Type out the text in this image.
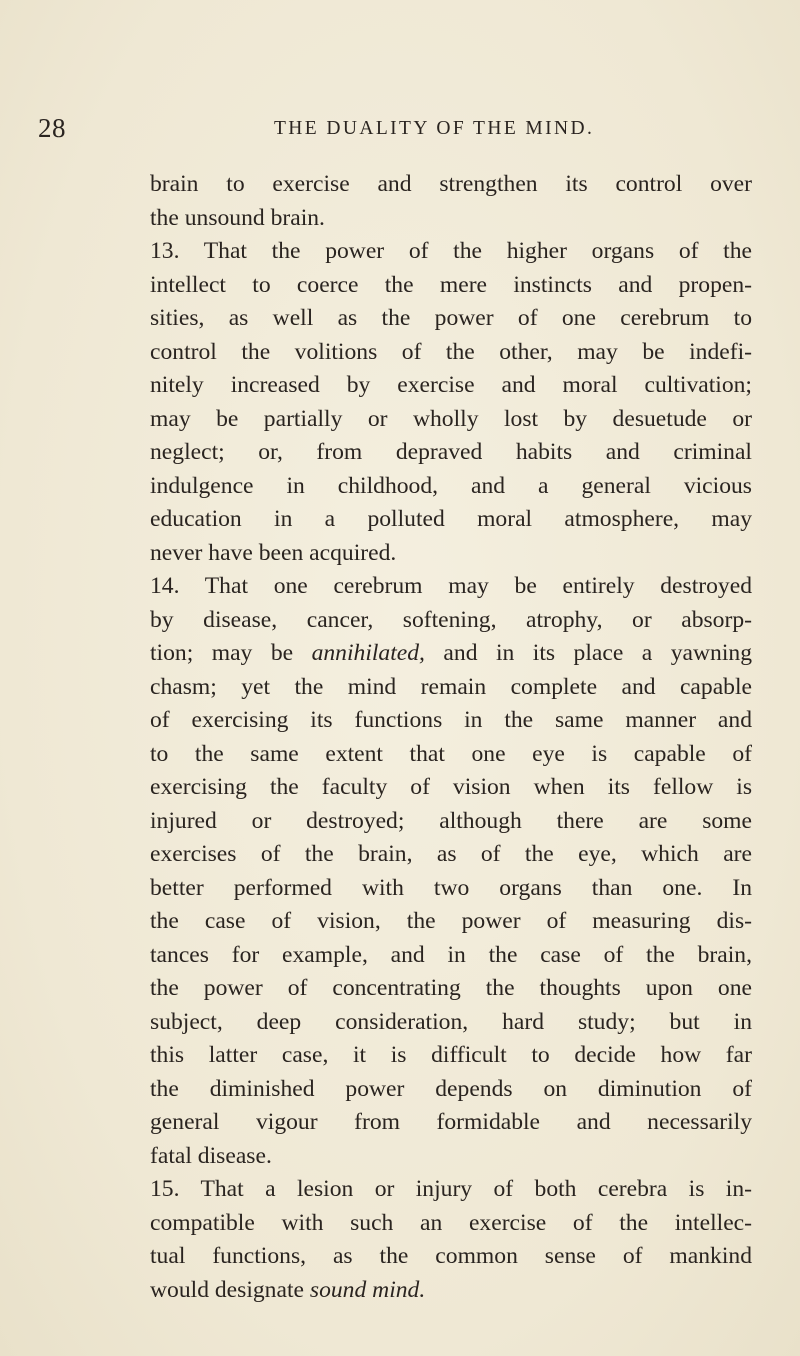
28	THE DUALITY OF THE MIND.
brain to exercise and strengthen its control over
the unsound brain.
13. That the power of the higher organs of the
intellect to coerce the mere instincts and propen-
sities, as well as the power of one cerebrum to
control the volitions of the other, may be indefi-
nitely increased by exercise and moral cultivation;
may be partially or wholly lost by desuetude or
neglect; or, from depraved habits and criminal
indulgence in childhood, and a general vicious
education in a polluted moral atmosphere, may
never have been acquired.
14. That one cerebrum may be entirely destroyed
by disease, cancer, softening, atrophy, or absorp-
tion; may be annihilated, and in its place a yawning
chasm; yet the mind remain complete and capable
of exercising its functions in the same manner and
to the same extent that one eye is capable of
exercising the faculty of vision when its fellow is
injured or destroyed; although there are some
exercises of the brain, as of the eye, which are
better performed with two organs than one. In
the case of vision, the power of measuring dis-
tances for example, and in the case of the brain,
the power of concentrating the thoughts upon one
subject, deep consideration, hard study; but in
this latter case, it is difficult to decide how far
the diminished power depends on diminution of
general vigour from formidable and necessarily
fatal disease.
15. That a lesion or injury of both cerebra is in-
compatible with such an exercise of the intellec-
tual functions, as the common sense of mankind
would designate sound mind.
